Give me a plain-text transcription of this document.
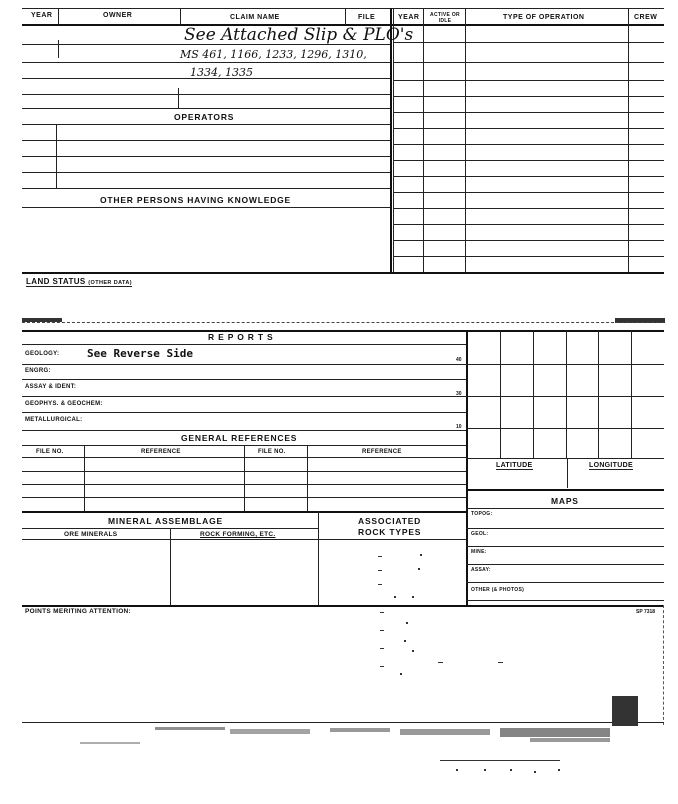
YEAR	OWNER	CLAIM NAME	FILE	YEAR	ACTIVE OR IDLE	TYPE OF OPERATION	CREW
See Attached Slip & PLO's
MS 461, 1166, 1233, 1296, 1310,
1334, 1335
OPERATORS
OTHER PERSONS HAVING KNOWLEDGE
LAND STATUS (OTHER DATA)
R E P O R T S
GEOLOGY:	See Reverse Side	40
ENGRG:
ASSAY & IDENT:
30
GEOPHYS. & GEOCHEM:
METALLURGICAL:
10
GENERAL REFERENCES
FILE NO.	REFERENCE	FILE NO.	REFERENCE
LATITUDE	LONGITUDE
MAPS
TOPOG:
GEOL:
MINE:
ASSAY:
OTHER (& PHOTOS)
MINERAL ASSEMBLAGE	ASSOCIATED
ROCK TYPES
ORE MINERALS	ROCK FORMING, ETC.
POINTS MERITING ATTENTION:	SP 7318
